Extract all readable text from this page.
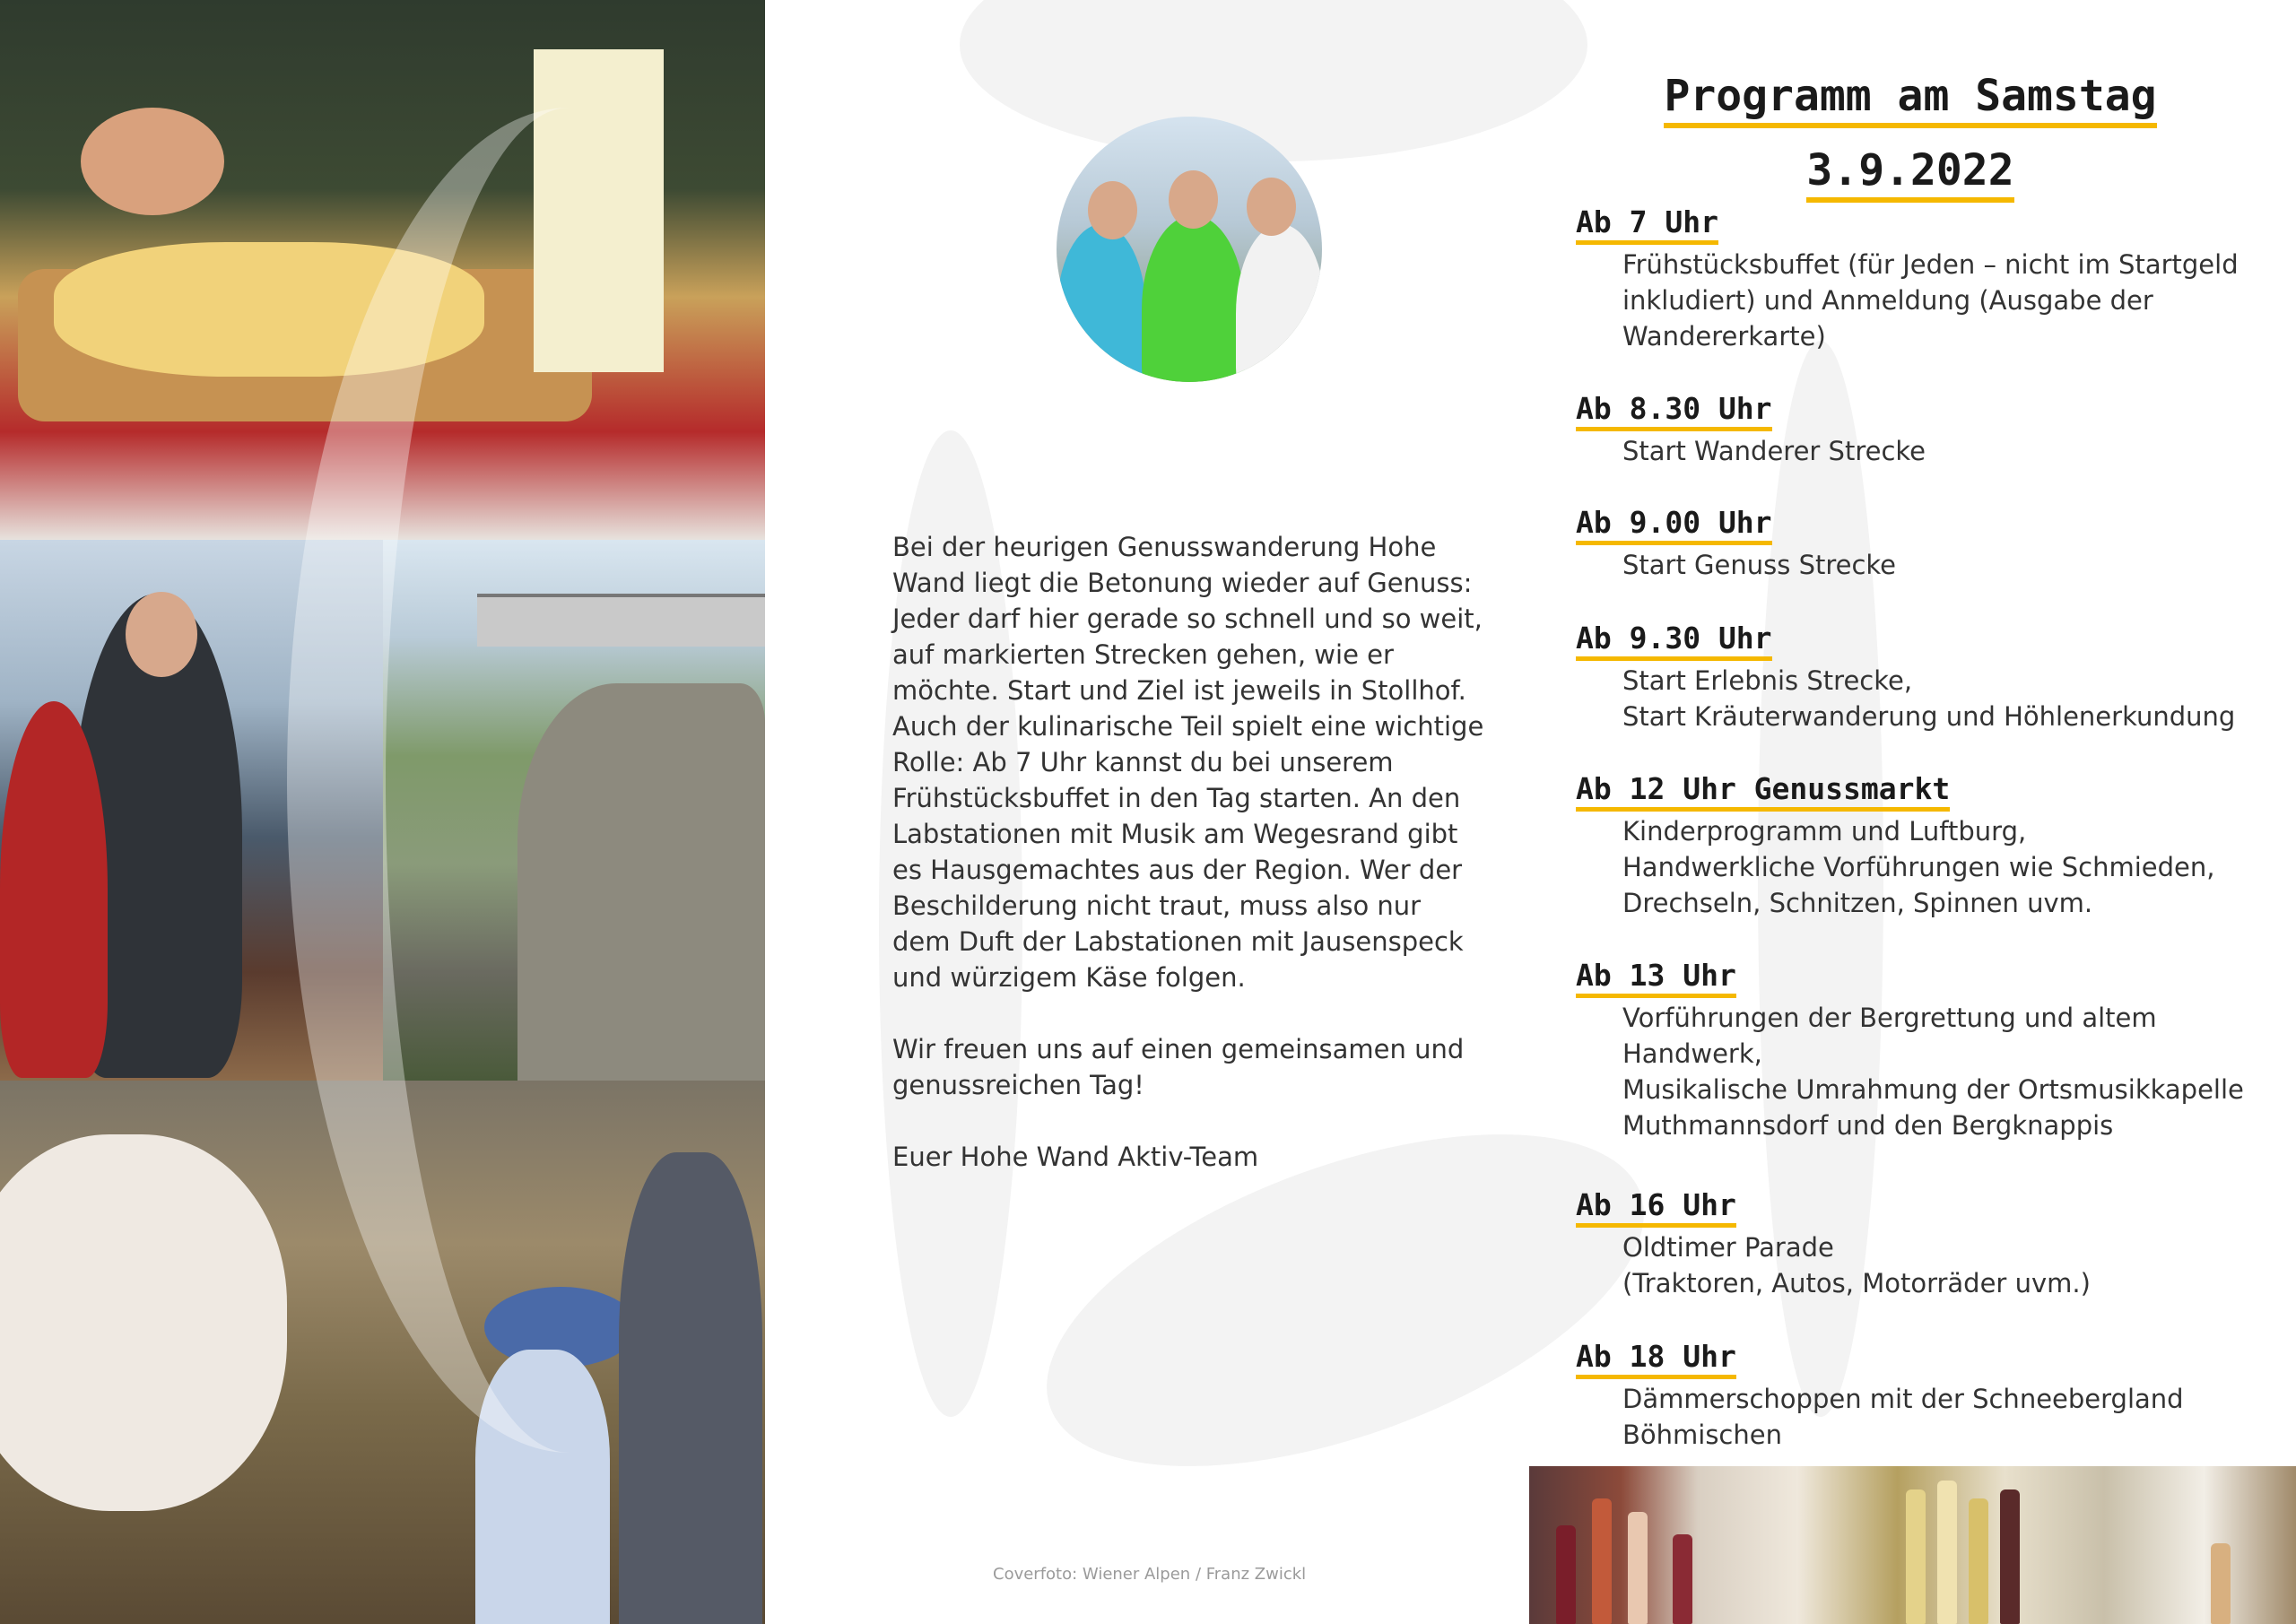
Bei der heurigen Genusswanderung Hohe Wand liegt die Betonung wieder auf Genuss: Jeder darf hier gerade so schnell und so weit, auf markierten Strecken gehen, wie er möchte. Start und Ziel ist jeweils in Stollhof. Auch der kulinarische Teil spielt eine wichtige Rolle: Ab 7 Uhr kannst du bei unserem Frühstücksbuffet in den Tag starten. An den Labstationen mit Musik am Wegesrand gibt es Hausgemachtes aus der Region. Wer der Beschilderung nicht traut, muss also nur dem Duft der Labstationen mit Jausenspeck und würzigem Käse folgen.

Wir freuen uns auf einen gemeinsamen und genussreichen Tag!

Euer Hohe Wand Aktiv-Team

Coverfoto: Wiener Alpen / Franz Zwickl
Programm am Samstag
3.9.2022
Ab 7 Uhr
Frühstücksbuffet (für Jeden – nicht im Startgeld
inkludiert) und Anmeldung (Ausgabe der
Wandererkarte)
Ab 8.30 Uhr
Start Wanderer Strecke
Ab 9.00 Uhr
Start Genuss Strecke
Ab 9.30 Uhr
Start Erlebnis Strecke,
Start Kräuterwanderung und Höhlenerkundung
Ab 12 Uhr Genussmarkt
Kinderprogramm und Luftburg,
Handwerkliche Vorführungen wie Schmieden,
Drechseln, Schnitzen, Spinnen uvm.
Ab 13 Uhr
Vorführungen der Bergrettung und altem
Handwerk,
Musikalische Umrahmung der Ortsmusikkapelle
Muthmannsdorf und den Bergknappis
Ab 16 Uhr
Oldtimer Parade
(Traktoren, Autos, Motorräder uvm.)
Ab 18 Uhr
Dämmerschoppen mit der Schneebergland
Böhmischen
